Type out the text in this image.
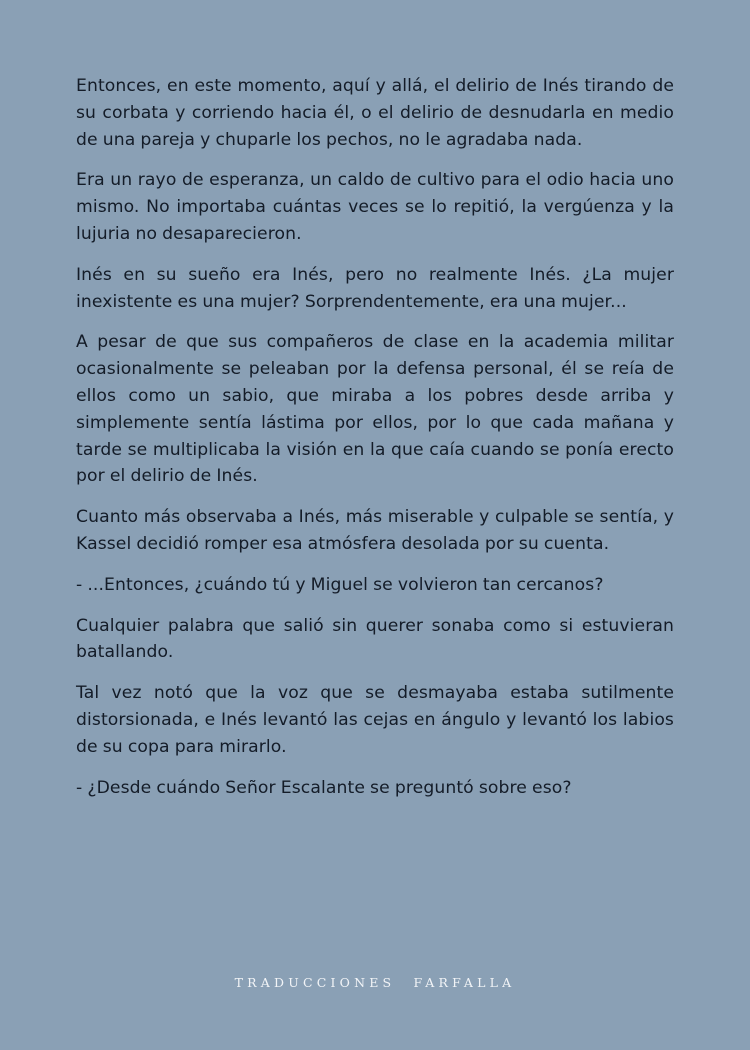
Entonces, en este momento, aquí y allá, el delirio de Inés tirando de su corbata y corriendo hacia él, o el delirio de desnudarla en medio de una pareja y chuparle los pechos, no le agradaba nada.

Era un rayo de esperanza, un caldo de cultivo para el odio hacia uno mismo. No importaba cuántas veces se lo repitió, la vergúenza y la lujuria no desaparecieron.

Inés en su sueño era Inés, pero no realmente Inés. ¿La mujer inexistente es una mujer? Sorprendentemente, era una mujer...

A pesar de que sus compañeros de clase en la academia militar ocasionalmente se peleaban por la defensa personal, él se reía de ellos como un sabio, que miraba a los pobres desde arriba y simplemente sentía lástima por ellos, por lo que cada mañana y tarde se multiplicaba la visión en la que caía cuando se ponía erecto por el delirio de Inés.

Cuanto más observaba a Inés, más miserable y culpable se sentía, y Kassel decidió romper esa atmósfera desolada por su cuenta.

- ...Entonces, ¿cuándo tú y Miguel se volvieron tan cercanos?

Cualquier palabra que salió sin querer sonaba como si estuvieran batallando.

Tal vez notó que la voz que se desmayaba estaba sutilmente distorsionada, e Inés levantó las cejas en ángulo y levantó los labios de su copa para mirarlo.

- ¿Desde cuándo Señor Escalante se preguntó sobre eso?

TRADUCCIONES FARFALLA
